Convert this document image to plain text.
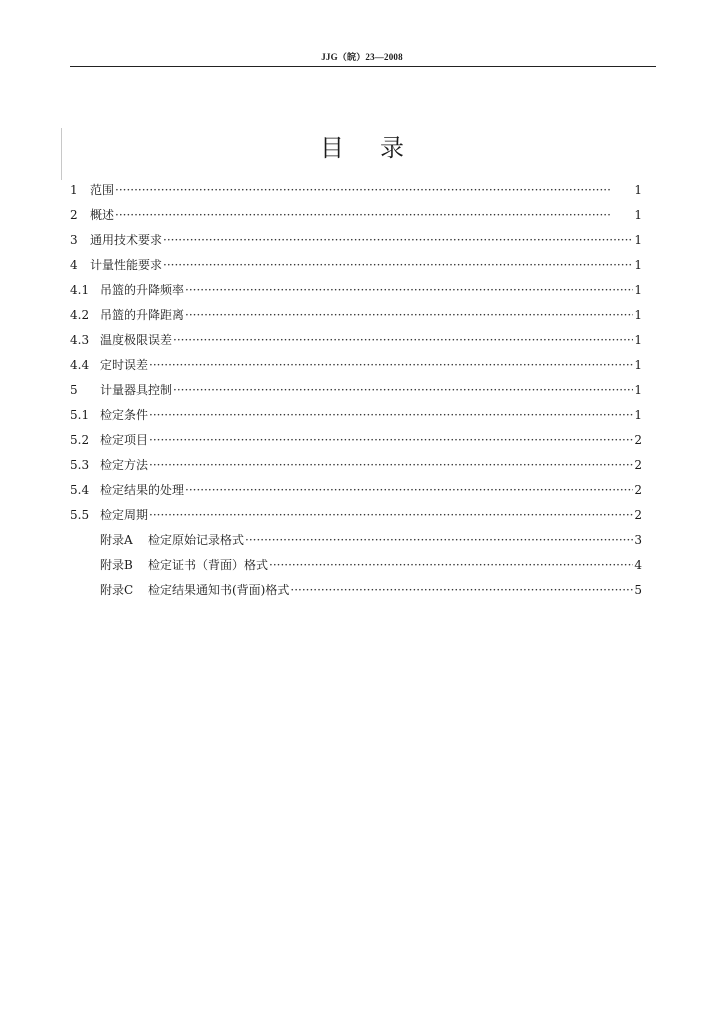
JJG（皖）23—2008
目录
1 范围 ·····	1
2 概述 ·····	1
3 通用技术要求 ·····	1
4 计量性能要求 ·····	1
4.1 吊篮的升降频率 ·····	1
4.2 吊篮的升降距离 ·····	1
4.3 温度极限误差 ·····	1
4.4 定时误差 ·····	1
5 计量器具控制 ·····	1
5.1 检定条件 ·····	1
5.2 检定项目 ·····	2
5.3 检定方法 ·····	2
5.4 检定结果的处理 ·····	2
5.5 检定周期 ·····	2
附录A 检定原始记录格式 ·····	3
附录B 检定证书（背面）格式 ·····	4
附录C 检定结果通知书(背面)格式 ·····	5
